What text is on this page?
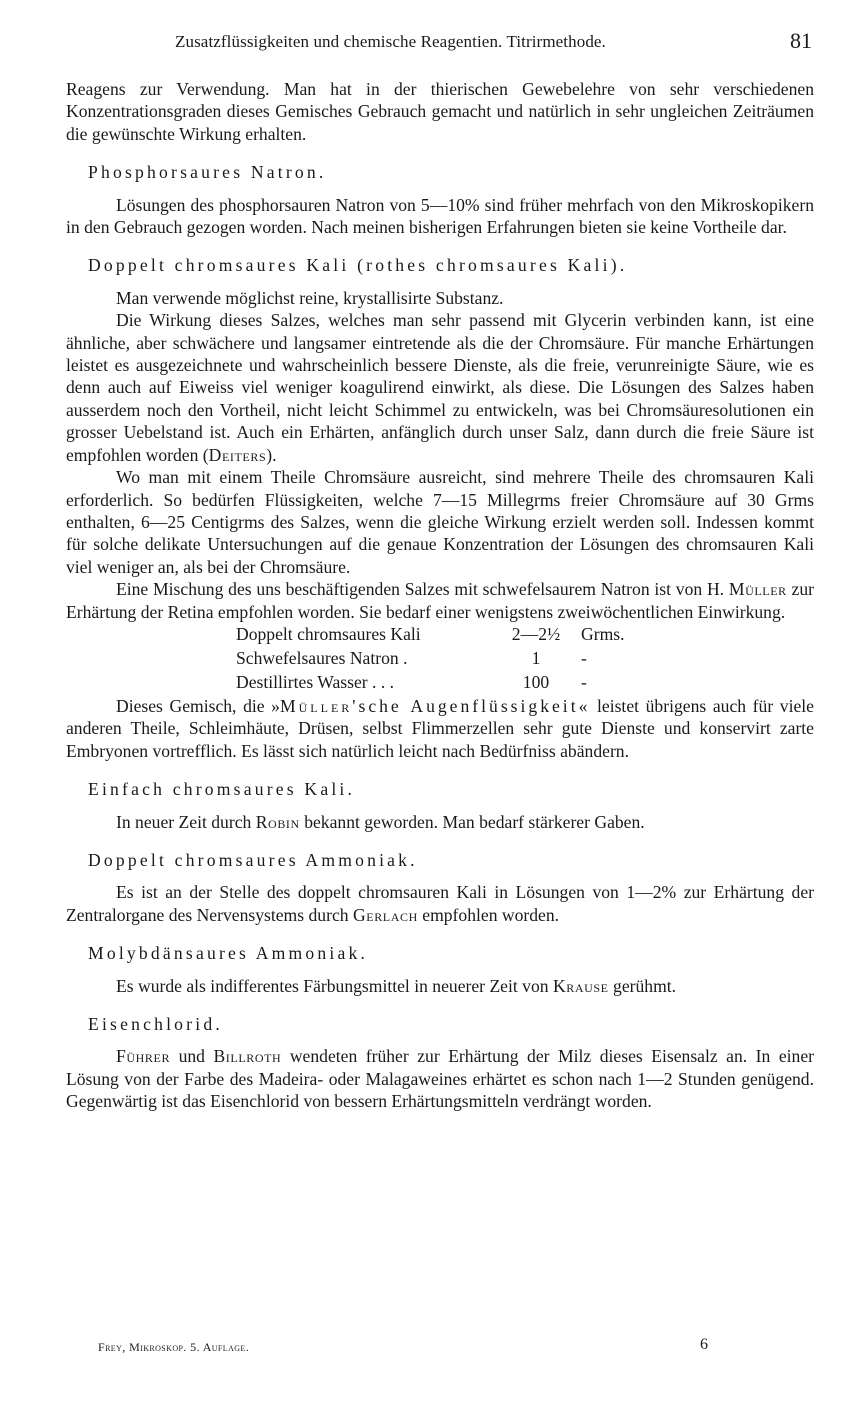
Zusatzflüssigkeiten und chemische Reagentien. Titrirmethode.	81

Reagens zur Verwendung. Man hat in der thierischen Gewebelehre von sehr verschiedenen Konzentrationsgraden dieses Gemisches Gebrauch gemacht und natürlich in sehr ungleichen Zeiträumen die gewünschte Wirkung erhalten.

Phosphorsaures Natron.

Lösungen des phosphorsauren Natron von 5—10% sind früher mehrfach von den Mikroskopikern in den Gebrauch gezogen worden. Nach meinen bisherigen Erfahrungen bieten sie keine Vortheile dar.

Doppelt chromsaures Kali (rothes chromsaures Kali).

Man verwende möglichst reine, krystallisirte Substanz.

Die Wirkung dieses Salzes, welches man sehr passend mit Glycerin verbinden kann, ist eine ähnliche, aber schwächere und langsamer eintretende als die der Chromsäure. Für manche Erhärtungen leistet es ausgezeichnete und wahrscheinlich bessere Dienste, als die freie, verunreinigte Säure, wie es denn auch auf Eiweiss viel weniger koagulirend einwirkt, als diese. Die Lösungen des Salzes haben ausserdem noch den Vortheil, nicht leicht Schimmel zu entwickeln, was bei Chromsäuresolutionen ein grosser Uebelstand ist. Auch ein Erhärten, anfänglich durch unser Salz, dann durch die freie Säure ist empfohlen worden (Deiters).

Wo man mit einem Theile Chromsäure ausreicht, sind mehrere Theile des chromsauren Kali erforderlich. So bedürfen Flüssigkeiten, welche 7—15 Millegrms freier Chromsäure auf 30 Grms enthalten, 6—25 Centigrms des Salzes, wenn die gleiche Wirkung erzielt werden soll. Indessen kommt für solche delikate Untersuchungen auf die genaue Konzentration der Lösungen des chromsauren Kali viel weniger an, als bei der Chromsäure.

Eine Mischung des uns beschäftigenden Salzes mit schwefelsaurem Natron ist von H. Müller zur Erhärtung der Retina empfohlen worden. Sie bedarf einer wenigstens zweiwöchentlichen Einwirkung.

Doppelt chromsaures Kali	2—2½	Grms.
Schwefelsaures Natron .	1	-
Destillirtes Wasser . . .	100	-

Dieses Gemisch, die »Müller'sche Augenflüssigkeit« leistet übrigens auch für viele anderen Theile, Schleimhäute, Drüsen, selbst Flimmerzellen sehr gute Dienste und konservirt zarte Embryonen vortrefflich. Es lässt sich natürlich leicht nach Bedürfniss abändern.

Einfach chromsaures Kali.

In neuer Zeit durch Robin bekannt geworden. Man bedarf stärkerer Gaben.

Doppelt chromsaures Ammoniak.

Es ist an der Stelle des doppelt chromsauren Kali in Lösungen von 1—2% zur Erhärtung der Zentralorgane des Nervensystems durch Gerlach empfohlen worden.

Molybdänsaures Ammoniak.

Es wurde als indifferentes Färbungsmittel in neuerer Zeit von Krause gerühmt.

Eisenchlorid.

Führer und Billroth wendeten früher zur Erhärtung der Milz dieses Eisensalz an. In einer Lösung von der Farbe des Madeira- oder Malagaweines erhärtet es schon nach 1—2 Stunden genügend. Gegenwärtig ist das Eisenchlorid von bessern Erhärtungsmitteln verdrängt worden.

Frey, Mikroskop. 5. Auflage.	6
